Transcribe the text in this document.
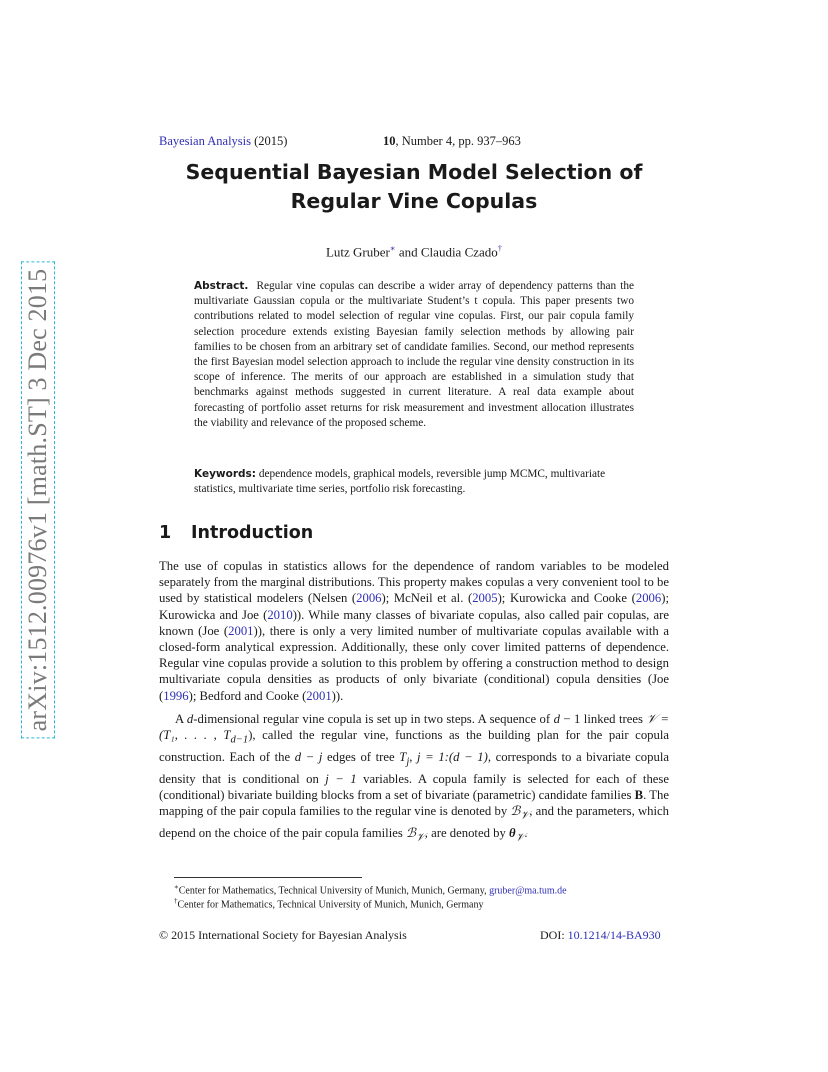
arXiv:1512.00976v1 [math.ST] 3 Dec 2015
Bayesian Analysis (2015)	10, Number 4, pp. 937–963
Sequential Bayesian Model Selection of Regular Vine Copulas
Lutz Gruber∗ and Claudia Czado†
Abstract. Regular vine copulas can describe a wider array of dependency patterns than the multivariate Gaussian copula or the multivariate Student’s t copula. This paper presents two contributions related to model selection of regular vine copulas. First, our pair copula family selection procedure extends existing Bayesian family selection methods by allowing pair families to be chosen from an arbitrary set of candidate families. Second, our method represents the first Bayesian model selection approach to include the regular vine density construction in its scope of inference. The merits of our approach are established in a simulation study that benchmarks against methods suggested in current literature. A real data example about forecasting of portfolio asset returns for risk measurement and investment allocation illustrates the viability and relevance of the proposed scheme.
Keywords: dependence models, graphical models, reversible jump MCMC, multivariate statistics, multivariate time series, portfolio risk forecasting.
1 Introduction
The use of copulas in statistics allows for the dependence of random variables to be modeled separately from the marginal distributions. This property makes copulas a very convenient tool to be used by statistical modelers (Nelsen (2006); McNeil et al. (2005); Kurowicka and Cooke (2006); Kurowicka and Joe (2010)). While many classes of bivariate copulas, also called pair copulas, are known (Joe (2001)), there is only a very limited number of multivariate copulas available with a closed-form analytical expression. Additionally, these only cover limited patterns of dependence. Regular vine copulas provide a solution to this problem by offering a construction method to design multivariate copula densities as products of only bivariate (conditional) copula densities (Joe (1996); Bedford and Cooke (2001)).
A d-dimensional regular vine copula is set up in two steps. A sequence of d − 1 linked trees 𝒱 = (T₁, . . . , $T_{d-1}$), called the regular vine, functions as the building plan for the pair copula construction. Each of the d − j edges of tree $T_j$, j = 1:(d − 1), corresponds to a bivariate copula density that is conditional on j − 1 variables. A copula family is selected for each of these (conditional) bivariate building blocks from a set of bivariate (parametric) candidate families B. The mapping of the pair copula families to the regular vine is denoted by ℬ$_𝒱$, and the parameters, which depend on the choice of the pair copula families ℬ$_𝒱$, are denoted by $\theta_𝒱$.
∗Center for Mathematics, Technical University of Munich, Munich, Germany, gruber@ma.tum.de
†Center for Mathematics, Technical University of Munich, Munich, Germany
© 2015 International Society for Bayesian Analysis	DOI: 10.1214/14-BA930
